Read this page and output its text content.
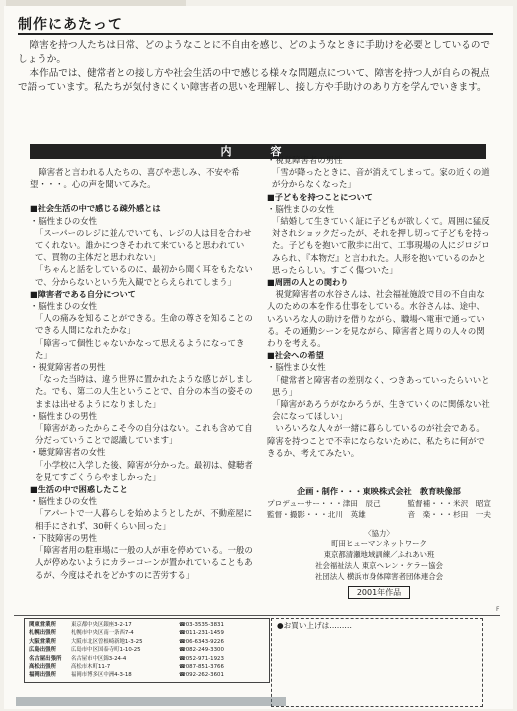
制作にあたって

障害を持つ人たちは日常、どのようなことに不自由を感じ、どのようなときに手助けを必要としているのでしょうか。

本作品では、健常者との接し方や社会生活の中で感じる様々な問題点について、障害を持つ人が自らの視点で語っています。私たちが気付きにくい障害者の思いを理解し、接し方や手助けのあり方を学んでいきます。

内　容

障害者と言われる人たちの、喜びや悲しみ、不安や希望・・・。心の声を聞いてみた。

■社会生活の中で感じる疎外感とは

・脳性まひの女性

「スーパーのレジに並んでいても、レジの人は目を合わせてくれない。誰かにつきそわれて来ていると思われていて、買物の主体だと思われない」

「ちゃんと話をしているのに、最初から聞く耳をもたないで、分からないという先入観でとらえられてしまう」

■障害者である自分について

・脳性まひの女性

「人の痛みを知ることができる。生命の尊さを知ることのできる人間になれたかな」

「障害って個性じゃないかなって思えるようになってきた」

・視覚障害者の男性

「なった当時は、違う世界に置かれたような感じがしました。でも、第二の人生ということで、自分の本当の姿そのままは出せるようになりました」

・脳性まひの男性

「障害があったからこそ今の自分はない。これも含めて自分だっていうことで認識しています」

・聴覚障害者の女性

「小学校に入学した後、障害が分かった。最初は、健聴者を見てすごくうらやましかった」

■生活の中で困惑したこと

・脳性まひの女性

「アパートで一人暮らしを始めようとしたが、不動産屋に相手にされず、30軒くらい回った」

・下肢障害の男性

「障害者用の駐車場に一般の人が車を停めている。一般の人が停めないようにカラーコーンが置かれていることもあるが、今度はそれをどかすのに苦労する」

・視覚障害者の男性

「雪が降ったときに、音が消えてしまって。家の近くの道が分からなくなった」

■子どもを持つことについて

・脳性まひの女性

「結婚して生きていく証に子どもが欲しくて。周囲に猛反対されショックだったが、それを押し切って子どもを持った。子どもを抱いて散歩に出て、工事現場の人にジロジロみられ、『本物だ』と言われた。人形を抱いているのかと思ったらしい。すごく傷ついた」

■周囲の人との関わり

視覚障害者の水谷さんは、社会福祉施設で目の不自由な人のための本を作る仕事をしている。水谷さんは、途中、いろいろな人の助けを借りながら、職場へ電車で通っている。その通勤シーンを見ながら、障害者と周りの人々の関わりを考える。

■社会への希望

・脳性まひ女性

「健常者と障害者の差別なく、つきあっていったらいいと思う」

「障害があろうがなかろうが、生きていくのに関係ない社会になってほしい」

いろいろな人々が一緒に暮らしているのが社会である。障害を持つことで不幸にならないために、私たちに何ができるか、考えてみたい。

企画・制作・・・東映株式会社　教育映像部
プロデューサー・・・津田　辰己	監督補・・・米沢　昭宣
監督・撮影・・・北川　英雄	音　楽・・・杉田　一夫
〈協力〉
町田ヒューマンネットワーク
東京都清瀬地域訓練／ふれあい班
社会福祉法人 東京ヘレン・ケラー協会
社団法人 横浜市身体障害者団体連合会
2001年作品
F
関東営業所	東京都中央区銀座3-2-17	☎03-3535-3831
札幌出張所	札幌市中央区南一条西7-4	☎011-231-1459
大阪営業所	大阪市北区曽根崎新地1-3-25	☎06-6343-9226
広島出張所	広島市中区国泰寺町1-10-25	☎082-249-3300
名古屋出張所	名古屋市中区錦3-24-4	☎052-971-1923
高松出張所	高松市木町11-7	☎087-851-3766
福岡出張所	福岡市博多区中洲4-3-18	☎092-262-3601
●お買い上げは………
